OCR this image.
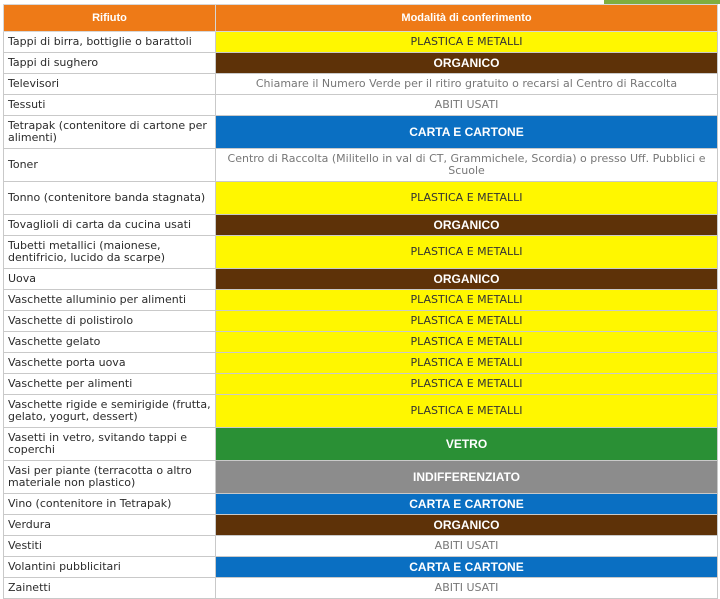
Rifiuto	Modalità di conferimento
Tappi di birra, bottiglie o barattoli	PLASTICA E METALLI
Tappi di sughero	ORGANICO
Televisori	Chiamare il Numero Verde per il ritiro gratuito o recarsi al Centro di Raccolta
Tessuti	ABITI USATI
Tetrapak (contenitore di cartone per alimenti)	CARTA E CARTONE
Toner	Centro di Raccolta (Militello in val di CT, Grammichele, Scordia) o presso Uff. Pubblici e Scuole
Tonno (contenitore banda stagnata)	PLASTICA E METALLI
Tovaglioli di carta da cucina usati	ORGANICO
Tubetti metallici (maionese, dentifricio, lucido da scarpe)	PLASTICA E METALLI
Uova	ORGANICO
Vaschette alluminio per alimenti	PLASTICA E METALLI
Vaschette di polistirolo	PLASTICA E METALLI
Vaschette gelato	PLASTICA E METALLI
Vaschette porta uova	PLASTICA E METALLI
Vaschette per alimenti	PLASTICA E METALLI
Vaschette rigide e semirigide (frutta, gelato, yogurt, dessert)	PLASTICA E METALLI
Vasetti in vetro, svitando tappi e coperchi	VETRO
Vasi per piante (terracotta o altro materiale non plastico)	INDIFFERENZIATO
Vino (contenitore in Tetrapak)	CARTA E CARTONE
Verdura	ORGANICO
Vestiti	ABITI USATI
Volantini pubblicitari	CARTA E CARTONE
Zainetti	ABITI USATI
